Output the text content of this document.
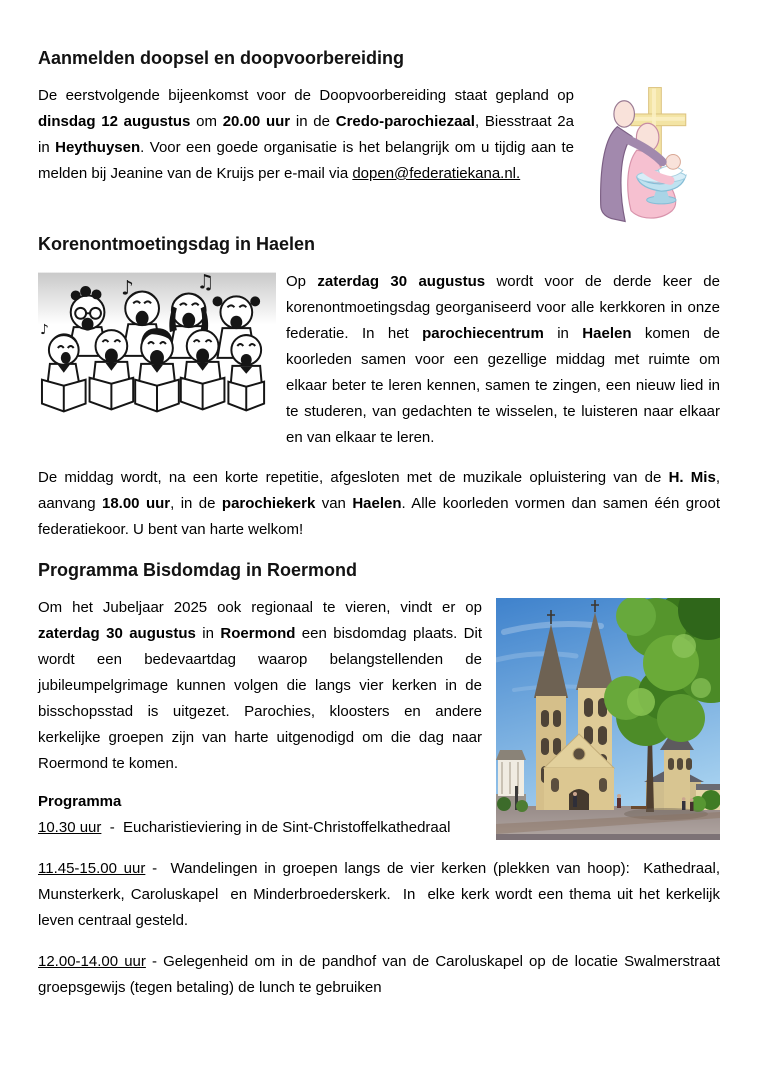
Aanmelden doopsel en doopvoorbereiding

De eerstvolgende bijeenkomst voor de Doopvoorbereiding staat gepland op dinsdag 12 augustus om 20.00 uur in de Credo-parochiezaal, Biesstraat 2a in Heythuysen. Voor een goede organisatie is het belangrijk om u tijdig aan te melden bij Jeanine van de Kruijs per e-mail via dopen@federatiekana.nl.

Korenontmoetingsdag in Haelen
♪	♫
♪

Op zaterdag 30 augustus wordt voor de derde keer de korenontmoetingsdag georganiseerd voor alle kerkkoren in onze federatie. In het parochiecentrum in Haelen komen de koorleden samen voor een gezellige middag met ruimte om elkaar beter te leren kennen, samen te zingen, een nieuw lied in te studeren, van gedachten te wisselen, te luisteren naar elkaar en van elkaar te leren.

De middag wordt, na een korte repetitie, afgesloten met de muzikale opluistering van de H. Mis, aanvang 18.00 uur, in de parochiekerk van Haelen. Alle koorleden vormen dan samen één groot federatiekoor. U bent van harte welkom!

Programma Bisdomdag in Roermond

Om het Jubeljaar 2025 ook regionaal te vieren, vindt er op zaterdag 30 augustus in Roermond een bisdomdag plaats. Dit wordt een bedevaartdag waarop belangstellenden de jubileumpelgrimage kunnen volgen die langs vier kerken in de bisschopsstad is uitgezet. Parochies, kloosters en andere kerkelijke groepen zijn van harte uitgenodigd om die dag naar Roermond te komen.

Programma

10.30 uur  -  Eucharistieviering in de Sint-Christoffelkathedraal

11.45-15.00 uur -  Wandelingen in groepen langs de vier kerken (plekken van hoop):  Kathedraal, Munsterkerk, Caroluskapel  en Minderbroederskerk.  In  elke kerk wordt een thema uit het kerkelijk leven centraal gesteld.

12.00-14.00 uur - Gelegenheid om in de pandhof van de Caroluskapel op de locatie Swalmerstraat groepsgewijs (tegen betaling) de lunch te gebruiken
